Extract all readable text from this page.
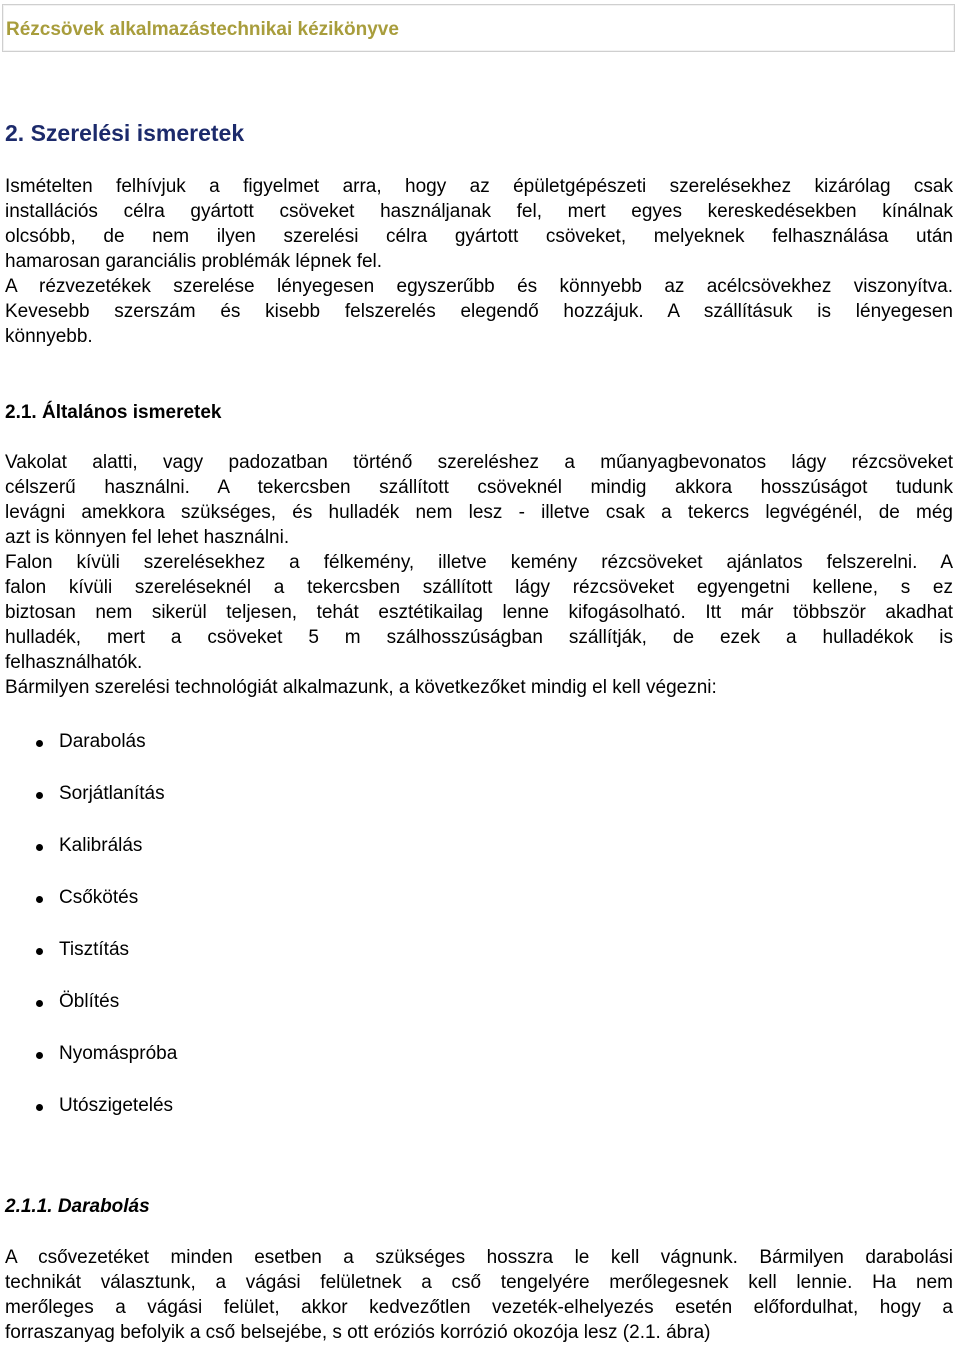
Rézcsövek alkalmazástechnikai kézikönyve
2. Szerelési ismeretek

Ismételten felhívjuk a figyelmet arra, hogy az épületgépészeti szerelésekhez kizárólag csak
installációs célra gyártott csöveket használjanak fel, mert egyes kereskedésekben kínálnak
olcsóbb, de nem ilyen szerelési célra gyártott csöveket, melyeknek felhasználása után
hamarosan garanciális problémák lépnek fel.
A rézvezetékek szerelése lényegesen egyszerűbb és könnyebb az acélcsövekhez viszonyítva.
Kevesebb szerszám és kisebb felszerelés elegendő hozzájuk. A szállításuk is lényegesen
könnyebb.

2.1. Általános ismeretek

Vakolat alatti, vagy padozatban történő szereléshez a műanyagbevonatos lágy rézcsöveket
célszerű használni. A tekercsben szállított csöveknél mindig akkora hosszúságot tudunk
levágni amekkora szükséges, és hulladék nem lesz - illetve csak a tekercs legvégénél, de még
azt is könnyen fel lehet használni.
Falon kívüli szerelésekhez a félkemény, illetve kemény rézcsöveket ajánlatos felszerelni. A
falon kívüli szereléseknél a tekercsben szállított lágy rézcsöveket egyengetni kellene, s ez
biztosan nem sikerül teljesen, tehát esztétikailag lenne kifogásolható. Itt már többször akadhat
hulladék, mert a csöveket 5 m szálhosszúságban szállítják, de ezek a hulladékok is
felhasználhatók.
Bármilyen szerelési technológiát alkalmazunk, a következőket mindig el kell végezni:

Darabolás
Sorjátlanítás
Kalibrálás
Csőkötés
Tisztítás
Öblítés
Nyomáspróba
Utószigetelés
2.1.1. Darabolás

A csővezetéket minden esetben a szükséges hosszra le kell vágnunk. Bármilyen darabolási
technikát választunk, a vágási felületnek a cső tengelyére merőlegesnek kell lennie. Ha nem
merőleges a vágási felület, akkor kedvezőtlen vezeték-elhelyezés esetén előfordulhat, hogy a
forraszanyag befolyik a cső belsejébe, s ott eróziós korrózió okozója lesz (2.1. ábra)
